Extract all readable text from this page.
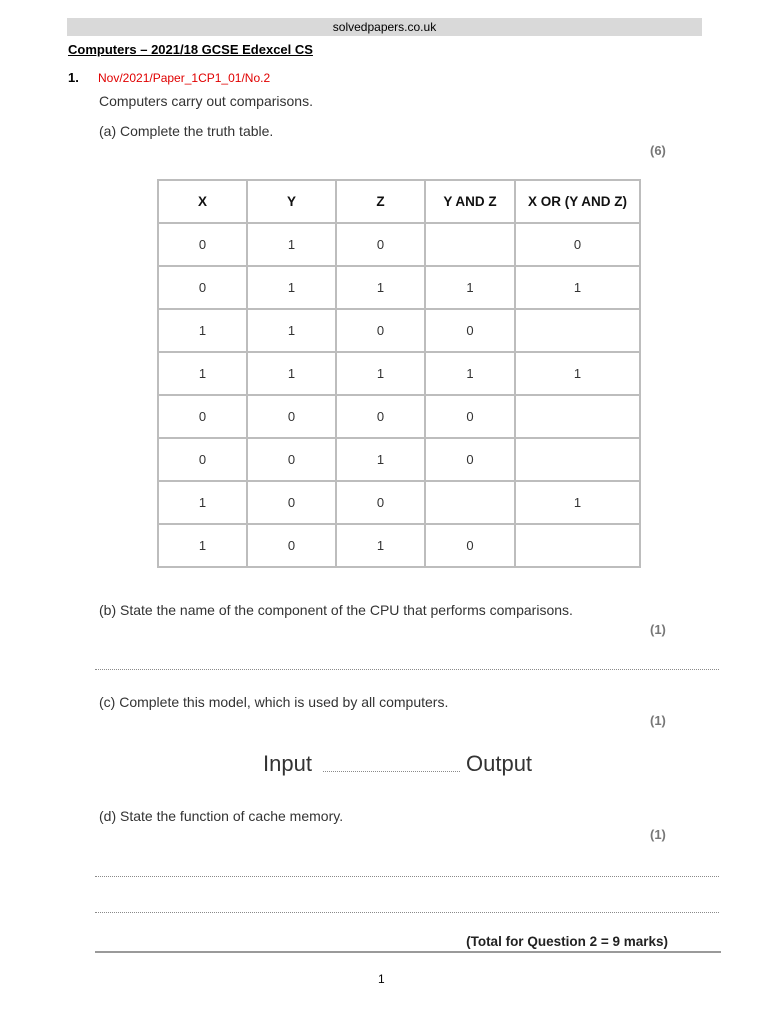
solvedpapers.co.uk
Computers – 2021/18 GCSE Edexcel CS
1. Nov/2021/Paper_1CP1_01/No.2
Computers carry out comparisons.
(a) Complete the truth table.
(6)
X	Y	Z	Y AND Z	X OR (Y AND Z)
0	1	0		0
0	1	1	1	1
1	1	0	0	
1	1	1	1	1
0	0	0	0	
0	0	1	0	
1	0	0		1
1	0	1	0	
(b) State the name of the component of the CPU that performs comparisons.
(1)
(c) Complete this model, which is used by all computers.
(1)
Input	Output
(d) State the function of cache memory.
(1)
(Total for Question 2 = 9 marks)
1
